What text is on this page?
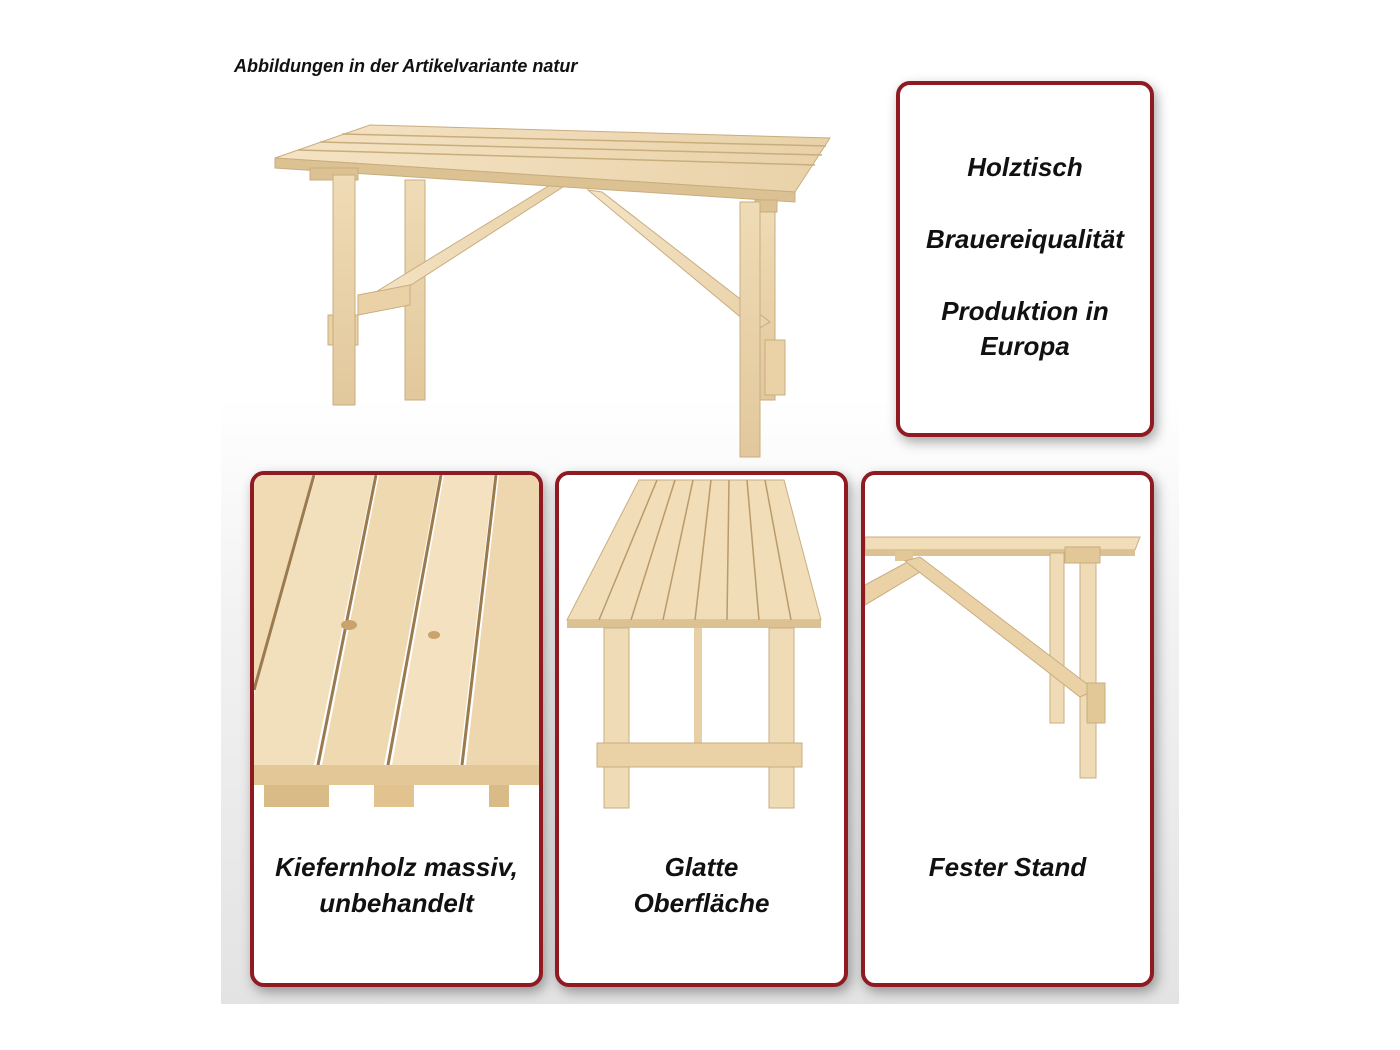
Abbildungen in der Artikelvariante natur
Holztisch
Brauereiqualität
Produktion in
Europa
Kiefernholz massiv,
unbehandelt
Glatte
Oberfläche
Fester Stand
